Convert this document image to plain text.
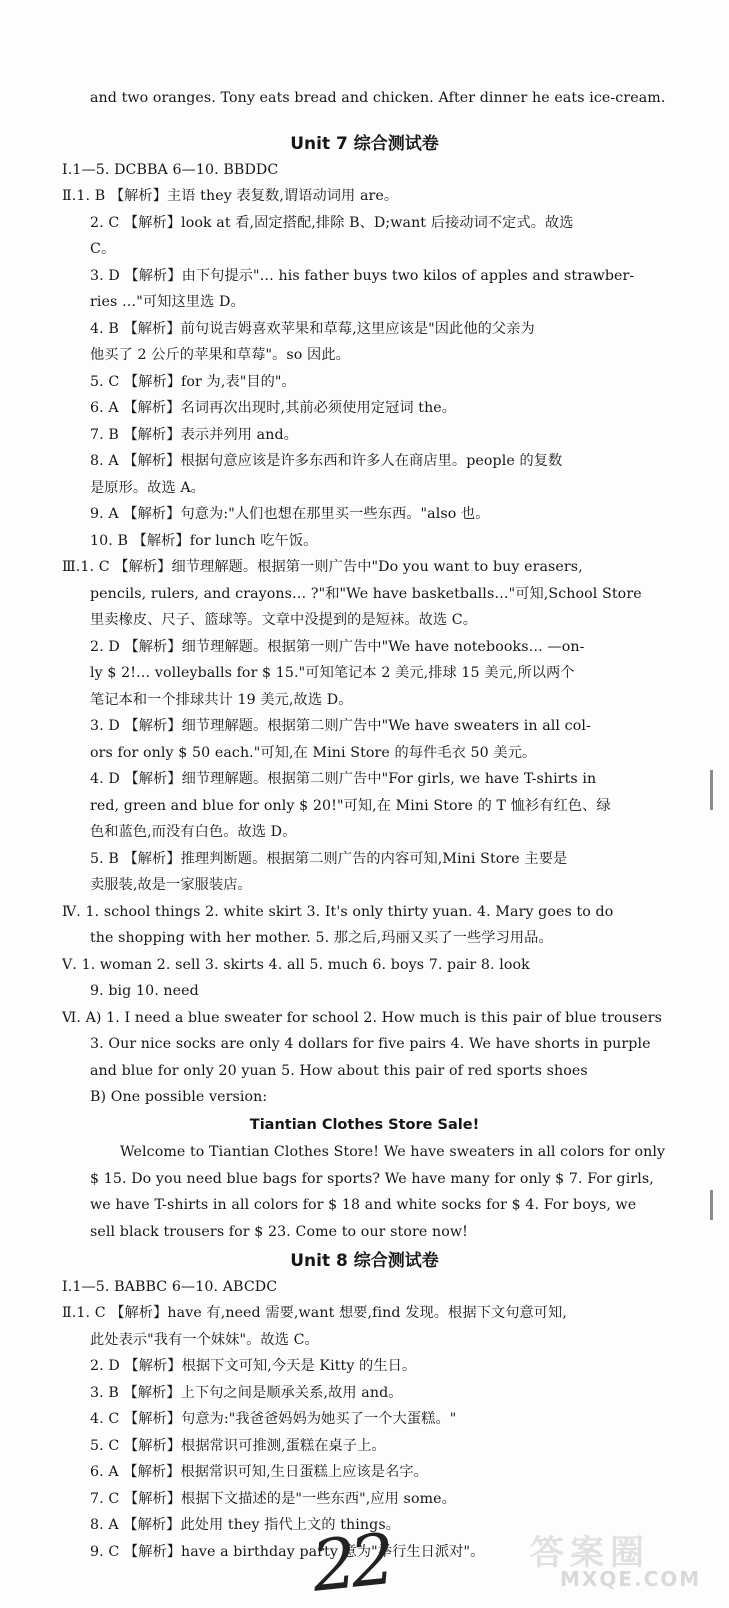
and two oranges. Tony eats bread and chicken. After dinner he eats ice-cream.
Unit 7 综合测试卷
Ⅰ.1—5. DCBBA 6—10. BBDDC
Ⅱ.1. B 【解析】主语 they 表复数,谓语动词用 are。
2. C 【解析】look at 看,固定搭配,排除 B、D;want 后接动词不定式。故选
C。
3. D 【解析】由下句提示"… his father buys two kilos of apples and strawber-
ries …"可知这里选 D。
4. B 【解析】前句说吉姆喜欢苹果和草莓,这里应该是"因此他的父亲为
他买了 2 公斤的苹果和草莓"。so 因此。
5. C 【解析】for 为,表"目的"。
6. A 【解析】名词再次出现时,其前必须使用定冠词 the。
7. B 【解析】表示并列用 and。
8. A 【解析】根据句意应该是许多东西和许多人在商店里。people 的复数
是原形。故选 A。
9. A 【解析】句意为:"人们也想在那里买一些东西。"also 也。
10. B 【解析】for lunch 吃午饭。
Ⅲ.1. C 【解析】细节理解题。根据第一则广告中"Do you want to buy erasers,
pencils, rulers, and crayons… ?"和"We have basketballs…"可知,School Store
里卖橡皮、尺子、篮球等。文章中没提到的是短袜。故选 C。
2. D 【解析】细节理解题。根据第一则广告中"We have notebooks… —on-
ly $ 2!… volleyballs for $ 15."可知笔记本 2 美元,排球 15 美元,所以两个
笔记本和一个排球共计 19 美元,故选 D。
3. D 【解析】细节理解题。根据第二则广告中"We have sweaters in all col-
ors for only $ 50 each."可知,在 Mini Store 的每件毛衣 50 美元。
4. D 【解析】细节理解题。根据第二则广告中"For girls, we have T-shirts in
red, green and blue for only $ 20!"可知,在 Mini Store 的 T 恤衫有红色、绿
色和蓝色,而没有白色。故选 D。
5. B 【解析】推理判断题。根据第二则广告的内容可知,Mini Store 主要是
卖服装,故是一家服装店。
Ⅳ. 1. school things 2. white skirt 3. It's only thirty yuan. 4. Mary goes to do
the shopping with her mother. 5. 那之后,玛丽又买了一些学习用品。
Ⅴ. 1. woman 2. sell 3. skirts 4. all 5. much 6. boys 7. pair 8. look
9. big 10. need
Ⅵ. A) 1. I need a blue sweater for school 2. How much is this pair of blue trousers
3. Our nice socks are only 4 dollars for five pairs 4. We have shorts in purple
and blue for only 20 yuan 5. How about this pair of red sports shoes
B) One possible version:
Tiantian Clothes Store Sale!
Welcome to Tiantian Clothes Store! We have sweaters in all colors for only
$ 15. Do you need blue bags for sports? We have many for only $ 7. For girls,
we have T-shirts in all colors for $ 18 and white socks for $ 4. For boys, we
sell black trousers for $ 23. Come to our store now!
Unit 8 综合测试卷
Ⅰ.1—5. BABBC 6—10. ABCDC
Ⅱ.1. C 【解析】have 有,need 需要,want 想要,find 发现。根据下文句意可知,
此处表示"我有一个妹妹"。故选 C。
2. D 【解析】根据下文可知,今天是 Kitty 的生日。
3. B 【解析】上下句之间是顺承关系,故用 and。
4. C 【解析】句意为:"我爸爸妈妈为她买了一个大蛋糕。"
5. C 【解析】根据常识可推测,蛋糕在桌子上。
6. A 【解析】根据常识可知,生日蛋糕上应该是名字。
7. C 【解析】根据下文描述的是"一些东西",应用 some。
8. A 【解析】此处用 they 指代上文的 things。
9. C 【解析】have a birthday party 意为"举行生日派对"。
22	答案圈
MXQE.COM
